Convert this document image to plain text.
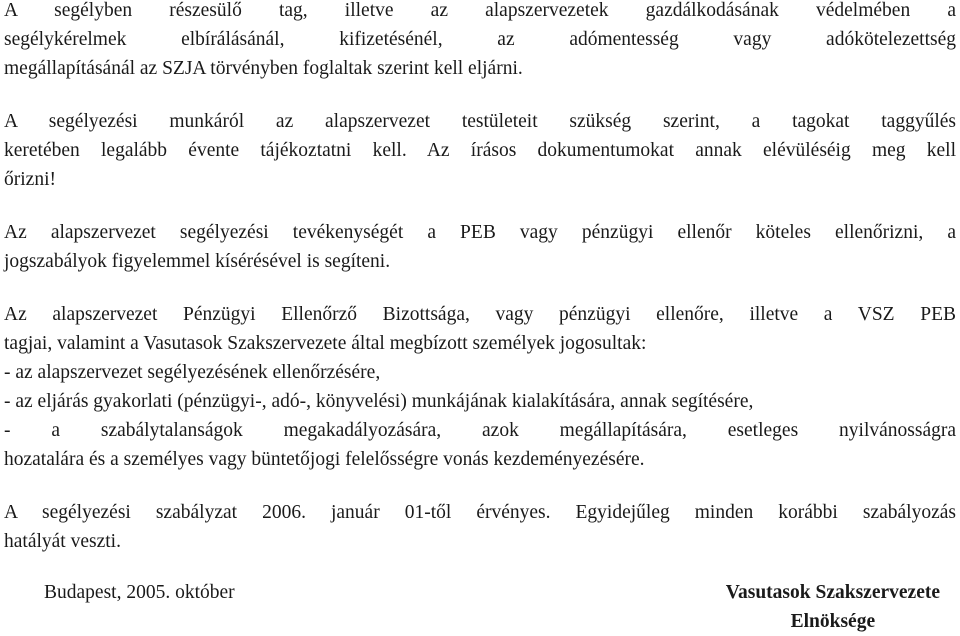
A segélyben részesülő tag, illetve az alapszervezetek gazdálkodásának védelmében a
segélykérelmek elbírálásánál, kifizetésénél, az adómentesség vagy adókötelezettség
megállapításánál az SZJA törvényben foglaltak szerint kell eljárni.
A segélyezési munkáról az alapszervezet testületeit szükség szerint, a tagokat taggyűlés
keretében legalább évente tájékoztatni kell. Az írásos dokumentumokat annak elévüléséig meg kell
őrizni!
Az alapszervezet segélyezési tevékenységét a PEB vagy pénzügyi ellenőr köteles ellenőrizni, a
jogszabályok figyelemmel kísérésével is segíteni.
Az alapszervezet Pénzügyi Ellenőrző Bizottsága, vagy pénzügyi ellenőre, illetve a VSZ PEB
tagjai, valamint a Vasutasok Szakszervezete által megbízott személyek jogosultak:
- az alapszervezet segélyezésének ellenőrzésére,
- az eljárás gyakorlati (pénzügyi-, adó-, könyvelési) munkájának kialakítására, annak segítésére,
- a szabálytalanságok megakadályozására, azok megállapítására, esetleges nyilvánosságra
hozatalára és a személyes vagy büntetőjogi felelősségre vonás kezdeményezésére.
A segélyezési szabályzat 2006. január 01-től érvényes. Egyidejűleg minden korábbi szabályozás
hatályát veszti.
Budapest, 2005. október	Vasutasok Szakszervezete
Elnöksége
